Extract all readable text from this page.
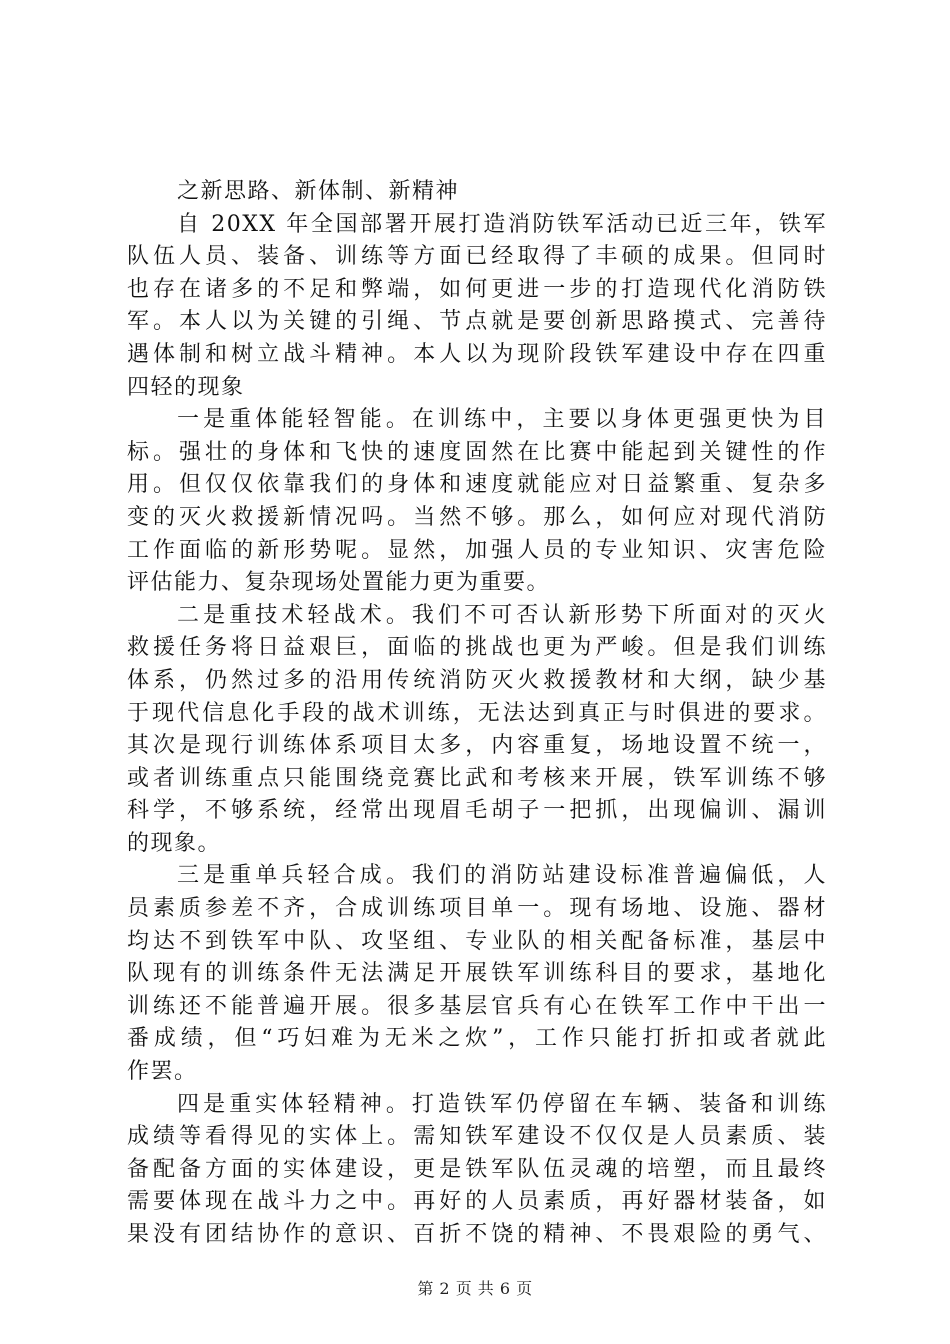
之新思路、新体制、新精神
自 20XX 年全国部署开展打造消防铁军活动已近三年，铁军
队伍人员、装备、训练等方面已经取得了丰硕的成果。但同时
也存在诸多的不足和弊端，如何更进一步的打造现代化消防铁
军。本人以为关键的引绳、节点就是要创新思路摸式、完善待
遇体制和树立战斗精神。本人以为现阶段铁军建设中存在四重
四轻的现象
一是重体能轻智能。在训练中，主要以身体更强更快为目
标。强壮的身体和飞快的速度固然在比赛中能起到关键性的作
用。但仅仅依靠我们的身体和速度就能应对日益繁重、复杂多
变的灭火救援新情况吗。当然不够。那么，如何应对现代消防
工作面临的新形势呢。显然，加强人员的专业知识、灾害危险
评估能力、复杂现场处置能力更为重要。
二是重技术轻战术。我们不可否认新形势下所面对的灭火
救援任务将日益艰巨，面临的挑战也更为严峻。但是我们训练
体系，仍然过多的沿用传统消防灭火救援教材和大纲，缺少基
于现代信息化手段的战术训练，无法达到真正与时俱进的要求。
其次是现行训练体系项目太多，内容重复，场地设置不统一，
或者训练重点只能围绕竞赛比武和考核来开展，铁军训练不够
科学，不够系统，经常出现眉毛胡子一把抓，出现偏训、漏训
的现象。
三是重单兵轻合成。我们的消防站建设标准普遍偏低，人
员素质参差不齐，合成训练项目单一。现有场地、设施、器材
均达不到铁军中队、攻坚组、专业队的相关配备标准，基层中
队现有的训练条件无法满足开展铁军训练科目的要求，基地化
训练还不能普遍开展。很多基层官兵有心在铁军工作中干出一
番成绩，但“巧妇难为无米之炊”，工作只能打折扣或者就此
作罢。
四是重实体轻精神。打造铁军仍停留在车辆、装备和训练
成绩等看得见的实体上。需知铁军建设不仅仅是人员素质、装
备配备方面的实体建设，更是铁军队伍灵魂的培塑，而且最终
需要体现在战斗力之中。再好的人员素质，再好器材装备，如
果没有团结协作的意识、百折不饶的精神、不畏艰险的勇气、
第 2 页 共 6 页
